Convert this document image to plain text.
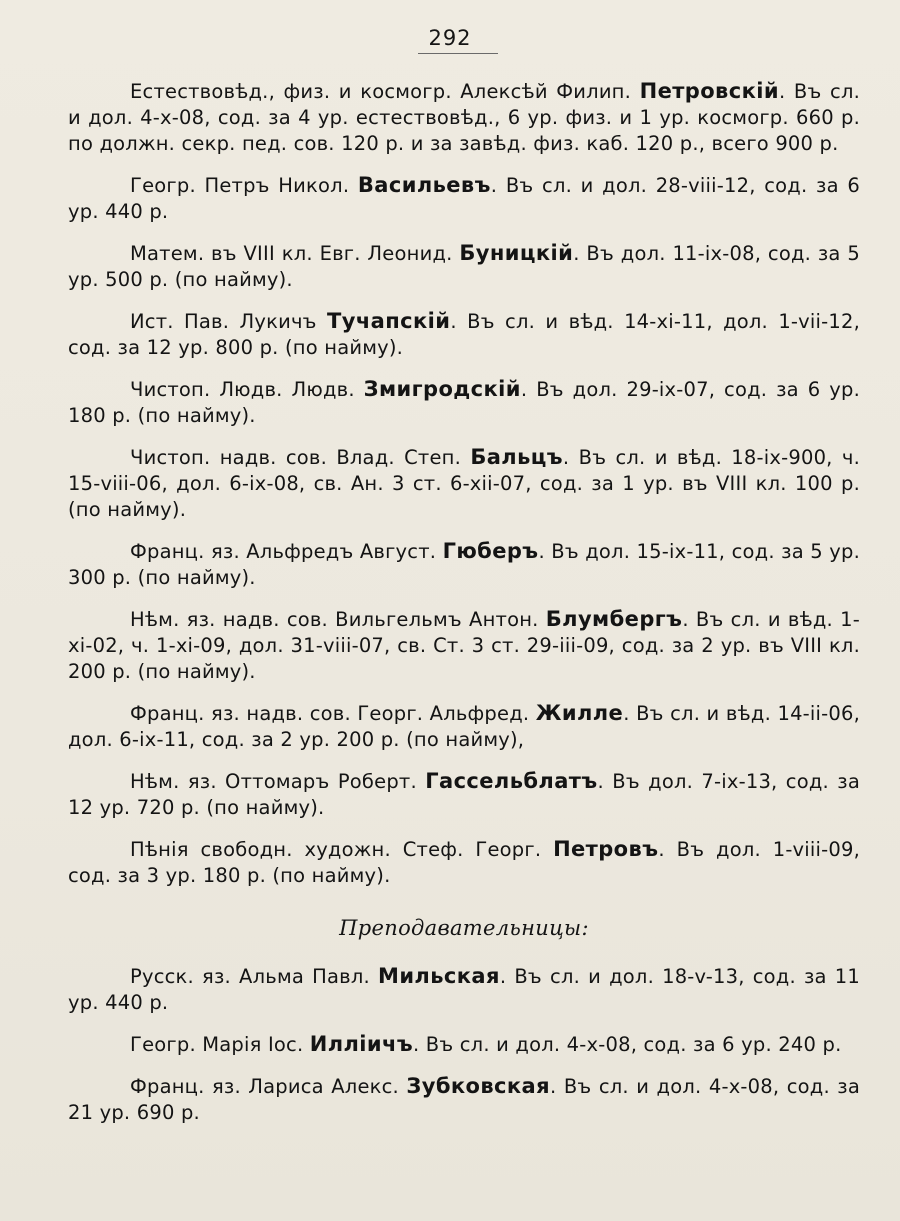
292

Естествовѣд., физ. и космогр. Алексѣй Филип. Петровскій. Въ сл. и дол. 4-х-08, сод. за 4 ур. естествовѣд., 6 ур. физ. и 1 ур. космогр. 660 р. по должн. секр. пед. сов. 120 р. и за завѣд. физ. каб. 120 р., всего 900 р.

Геогр. Петръ Никол. Васильевъ. Въ сл. и дол. 28-viii-12, сод. за 6 ур. 440 р.

Матем. въ VIII кл. Евг. Леонид. Буницкій. Въ дол. 11-ix-08, сод. за 5 ур. 500 р. (по найму).

Ист. Пав. Лукичъ Тучапскій. Въ сл. и вѣд. 14-xi-11, дол. 1-vii-12, сод. за 12 ур. 800 р. (по найму).

Чистоп. Людв. Людв. Змигродскій. Въ дол. 29-ix-07, сод. за 6 ур. 180 р. (по найму).

Чистоп. надв. сов. Влад. Степ. Бальцъ. Въ сл. и вѣд. 18-ix-900, ч. 15-viii-06, дол. 6-ix-08, св. Ан. 3 ст. 6-xii-07, сод. за 1 ур. въ VIII кл. 100 р. (по найму).

Франц. яз. Альфредъ Август. Гюберъ. Въ дол. 15-ix-11, сод. за 5 ур. 300 р. (по найму).

Нѣм. яз. надв. сов. Вильгельмъ Антон. Блумбергъ. Въ сл. и вѣд. 1-xi-02, ч. 1-xi-09, дол. 31-viii-07, св. Ст. 3 ст. 29-iii-09, сод. за 2 ур. въ VIII кл. 200 р. (по найму).

Франц. яз. надв. сов. Георг. Альфред. Жилле. Въ сл. и вѣд. 14-ii-06, дол. 6-ix-11, сод. за 2 ур. 200 р. (по найму),

Нѣм. яз. Оттомаръ Роберт. Гассельблатъ. Въ дол. 7-ix-13, сод. за 12 ур. 720 р. (по найму).

Пѣнія свободн. художн. Стеф. Георг. Петровъ. Въ дол. 1-viii-09, сод. за 3 ур. 180 р. (по найму).

Преподавательницы:

Русск. яз. Альма Павл. Мильская. Въ сл. и дол. 18-v-13, сод. за 11 ур. 440 р.

Геогр. Марія Іос. Илліичъ. Въ сл. и дол. 4-х-08, сод. за 6 ур. 240 р.

Франц. яз. Лариса Алекс. Зубковская. Въ сл. и дол. 4-х-08, сод. за 21 ур. 690 р.
